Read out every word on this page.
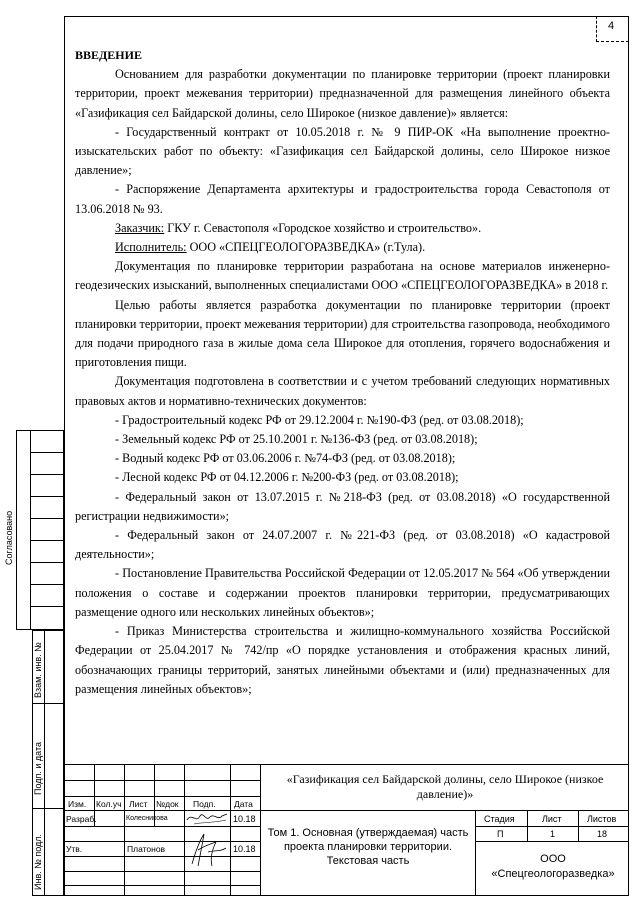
4
Согласовано
Взам. инв. №
Подп. и дата
Инв. № подл.

ВВЕДЕНИЕ

Основанием для разработки документации по планировке территории (проект планировки территории, проект межевания территории) предназначенной для размещения линейного объекта «Газификация сел Байдарской долины, село Широкое (низкое давление)» является:

- Государственный контракт от 10.05.2018 г. № 9 ПИР-ОК «На выполнение проектно-изыскательских работ по объекту: «Газификация сел Байдарской долины, село Широкое низкое давление»;

- Распоряжение Департамента архитектуры и градостроительства города Севастополя от 13.06.2018 № 93.

Заказчик: ГКУ г. Севастополя «Городское хозяйство и строительство».

Исполнитель: ООО «СПЕЦГЕОЛОГОРАЗВЕДКА» (г.Тула).

Документация по планировке территории разработана на основе материалов инженерно-геодезических изысканий, выполненных специалистами ООО «СПЕЦГЕОЛОГОРАЗВЕДКА» в 2018 г.

Целью работы является разработка документации по планировке территории (проект планировки территории, проект межевания территории) для строительства газопровода, необходимого для подачи природного газа в жилые дома села Широкое для отопления, горячего водоснабжения и приготовления пищи.

Документация подготовлена в соответствии и с учетом требований следующих нормативных правовых актов и нормативно-технических документов:

- Градостроительный кодекс РФ от 29.12.2004 г. №190-ФЗ (ред. от 03.08.2018);

- Земельный кодекс РФ от 25.10.2001 г. №136-ФЗ (ред. от 03.08.2018);

- Водный кодекс РФ от 03.06.2006 г. №74-ФЗ (ред. от 03.08.2018);

- Лесной кодекс РФ от 04.12.2006 г. №200-ФЗ (ред. от 03.08.2018);

- Федеральный закон от 13.07.2015 г. №218-ФЗ (ред. от 03.08.2018) «О государственной регистрации недвижимости»;

- Федеральный закон от 24.07.2007 г. №221-ФЗ (ред. от 03.08.2018) «О кадастровой деятельности»;

- Постановление Правительства Российской Федерации от 12.05.2017 № 564 «Об утверждении положения о составе и содержании проектов планировки территории, предусматривающих размещение одного или нескольких линейных объектов»;

- Приказ Министерства строительства и жилищно-коммунального хозяйства Российской Федерации от 25.04.2017 № 742/пр «О порядке установления и отображения красных линий, обозначающих границы территорий, занятых линейными объектами и (или) предназначенных для размещения линейных объектов»;

«Газификация сел Байдарской долины, село Широкое (низкое давление)»
Изм. Кол.уч Лист №док Подп. Дата
Разраб.	Колесникова	10.18
Утв.	Платонов	10.18
Том 1. Основная (утверждаемая) часть проекта планировки территории. Текстовая часть
Стадия	Лист	Листов
П	1	18
ООО «Спецгеологоразведка»
